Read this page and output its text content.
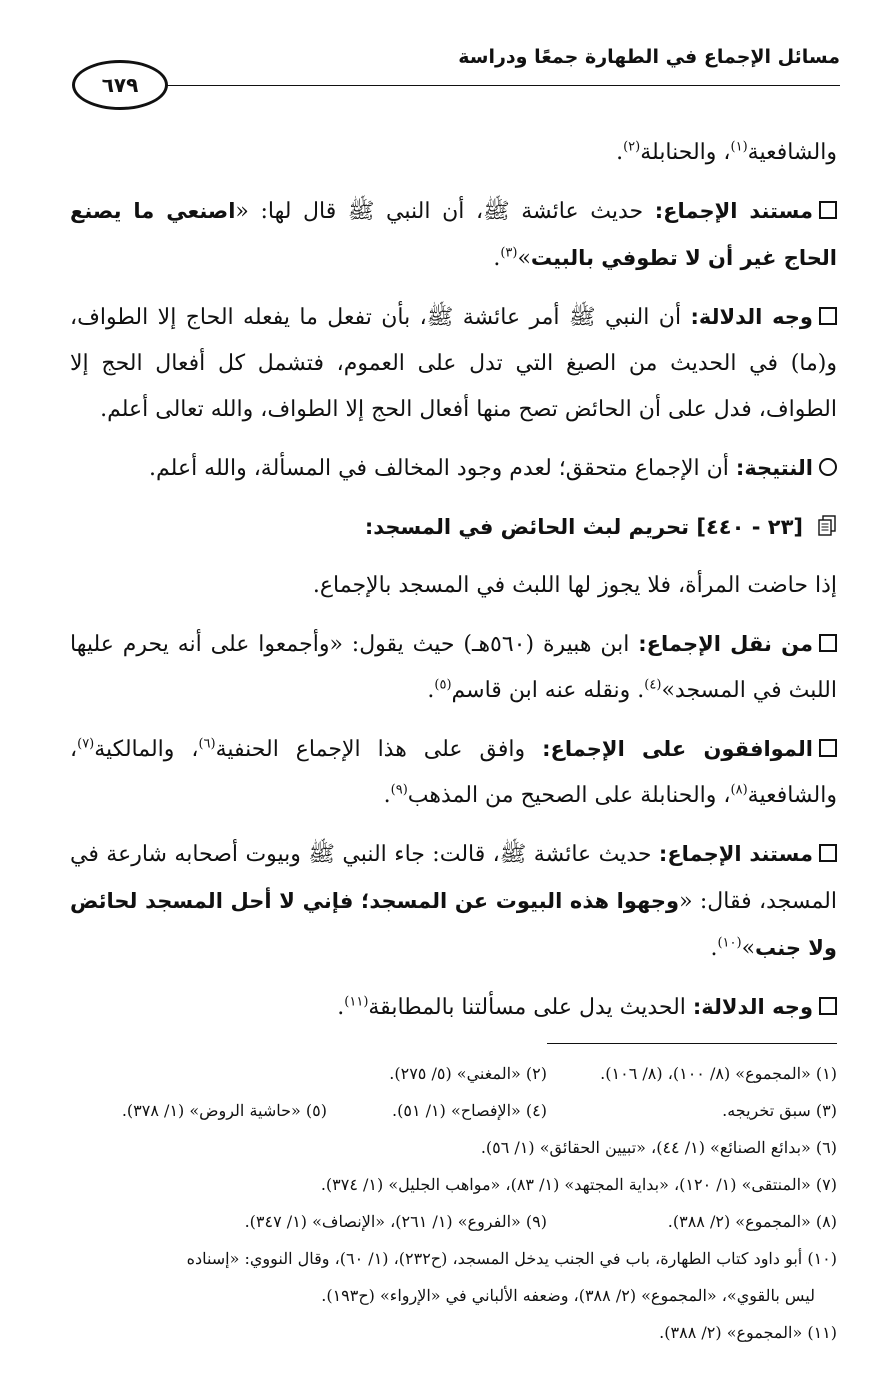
مسائل الإجماع في الطهارة جمعًا ودراسة
٦٧٩

والشافعية$^{(١)}$، والحنابلة$^{(٢)}$.

مستند الإجماع: حديث عائشة ﷺ، أن النبي ﷺ قال لها: «اصنعي ما يصنع الحاج غير أن لا تطوفي بالبيت»$^{(٣)}$.

وجه الدلالة: أن النبي ﷺ أمر عائشة ﷺ، بأن تفعل ما يفعله الحاج إلا الطواف، و(ما) في الحديث من الصيغ التي تدل على العموم، فتشمل كل أفعال الحج إلا الطواف، فدل على أن الحائض تصح منها أفعال الحج إلا الطواف، والله تعالى أعلم.

النتيجة: أن الإجماع متحقق؛ لعدم وجود المخالف في المسألة، والله أعلم.

[٢٣ - ٤٤٠] تحريم لبث الحائض في المسجد:

إذا حاضت المرأة، فلا يجوز لها اللبث في المسجد بالإجماع.

من نقل الإجماع: ابن هبيرة (٥٦٠هـ) حيث يقول: «وأجمعوا على أنه يحرم عليها اللبث في المسجد»$^{(٤)}$. ونقله عنه ابن قاسم$^{(٥)}$.

الموافقون على الإجماع: وافق على هذا الإجماع الحنفية$^{(٦)}$، والمالكية$^{(٧)}$، والشافعية$^{(٨)}$، والحنابلة على الصحيح من المذهب$^{(٩)}$.

مستند الإجماع: حديث عائشة ﷺ، قالت: جاء النبي ﷺ وبيوت أصحابه شارعة في المسجد، فقال: «وجهوا هذه البيوت عن المسجد؛ فإني لا أحل المسجد لحائض ولا جنب»$^{(١٠)}$.

وجه الدلالة: الحديث يدل على مسألتنا بالمطابقة$^{(١١)}$.

(١) «المجموع» (٨/ ١٠٠)، (٨/ ١٠٦).
(٢) «المغني» (٥/ ٢٧٥).
(٣) سبق تخريجه.
(٤) «الإفصاح» (١/ ٥١).
(٥) «حاشية الروض» (١/ ٣٧٨).
(٦) «بدائع الصنائع» (١/ ٤٤)، «تبيين الحقائق» (١/ ٥٦).
(٧) «المنتقى» (١/ ١٢٠)، «بداية المجتهد» (١/ ٨٣)، «مواهب الجليل» (١/ ٣٧٤).
(٨) «المجموع» (٢/ ٣٨٨).
(٩) «الفروع» (١/ ٢٦١)، «الإنصاف» (١/ ٣٤٧).
(١٠) أبو داود كتاب الطهارة، باب في الجنب يدخل المسجد، (ح٢٣٢)، (١/ ٦٠)، وقال النووي: «إسناده
ليس بالقوي»، «المجموع» (٢/ ٣٨٨)، وضعفه الألباني في «الإرواء» (ح١٩٣).
(١١) «المجموع» (٢/ ٣٨٨).
